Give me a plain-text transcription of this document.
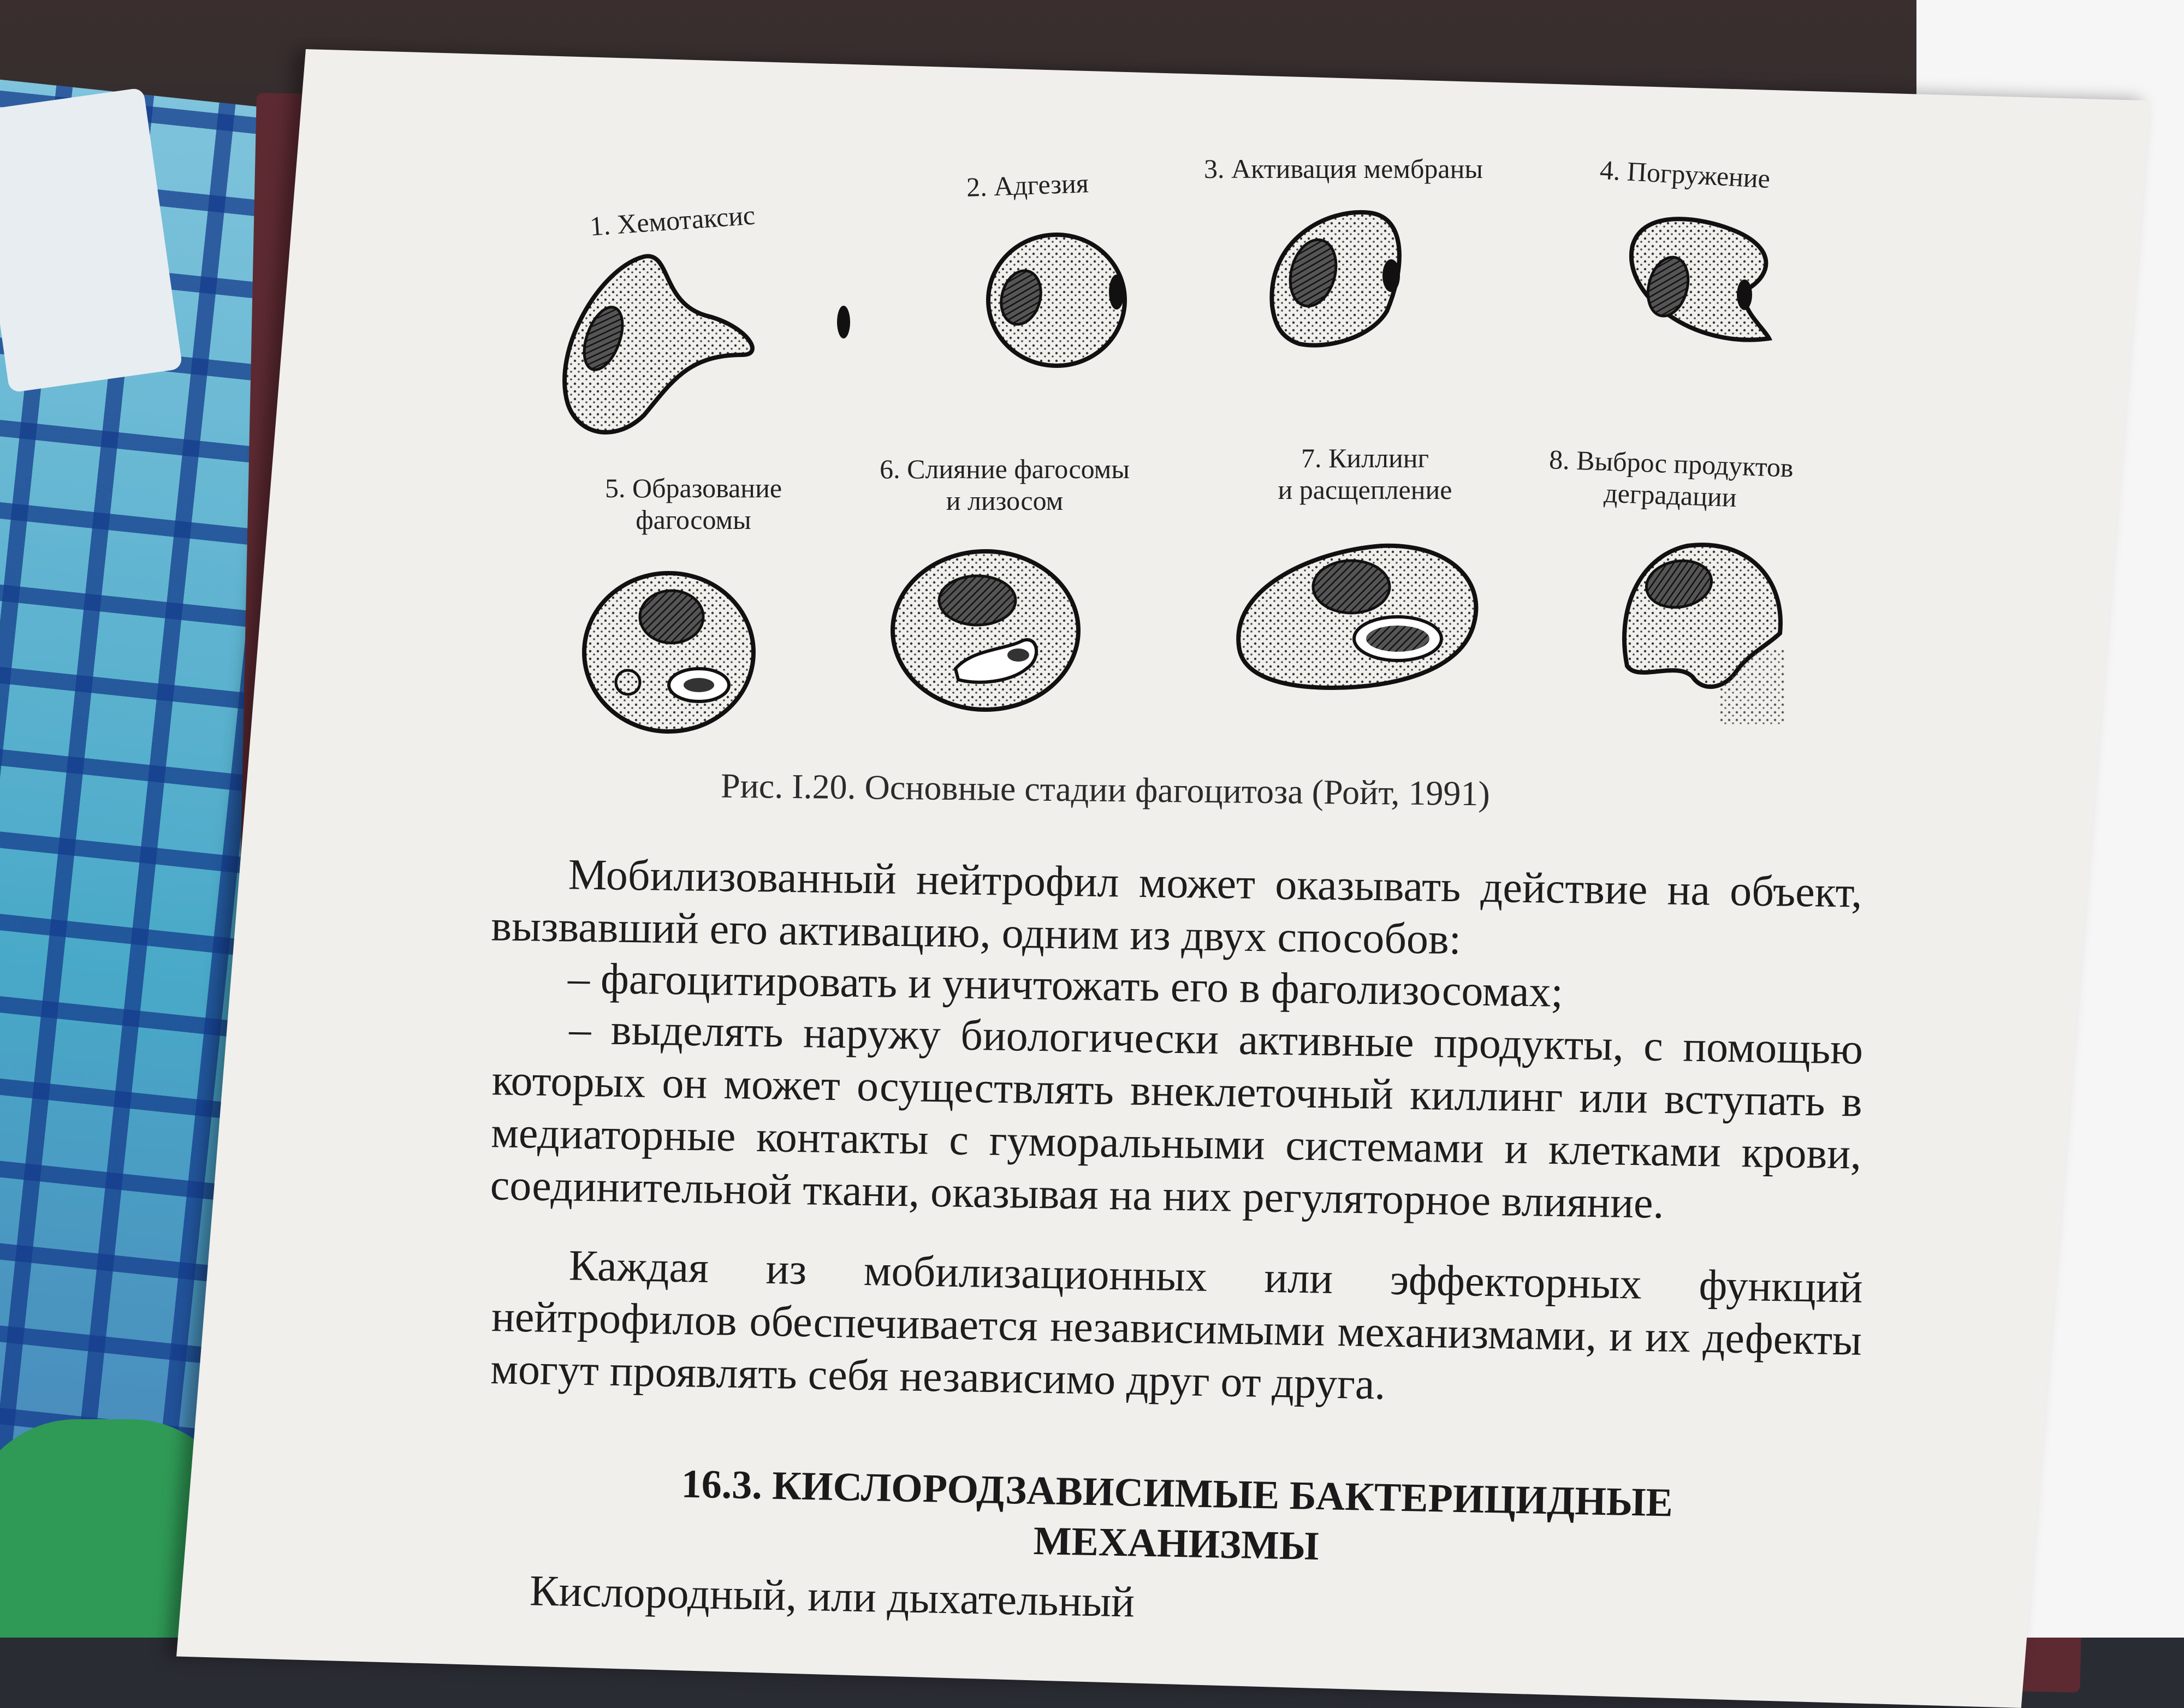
1. Хемотаксис
2. Адгезия	3. Активация мембраны	4. Погружение
5. Образование
фагосомы
6. Слияние фагосомы
и лизосом
7. Киллинг
и расщепление
8. Выброс продуктов
деградации
Рис. I.20. Основные стадии фагоцитоза (Ройт, 1991)
Мобилизованный нейтрофил может оказывать действие на объект, вызвавший его активацию, одним из двух способов:
– фагоцитировать и уничтожать его в фаголизосомах;
– выделять наружу биологически активные продукты, с помощью которых он может осуществлять внеклеточный киллинг или вступать в медиаторные контакты с гуморальными системами и клетками крови, соединительной ткани, оказывая на них регуляторное влияние.
Каждая из мобилизационных или эффекторных функций нейтрофилов обеспечивается независимыми механизмами, и их дефекты могут проявлять себя независимо друг от друга.
16.3. КИСЛОРОДЗАВИСИМЫЕ БАКТЕРИЦИДНЫЕ МЕХАНИЗМЫ
Кислородный, или дыхательный
